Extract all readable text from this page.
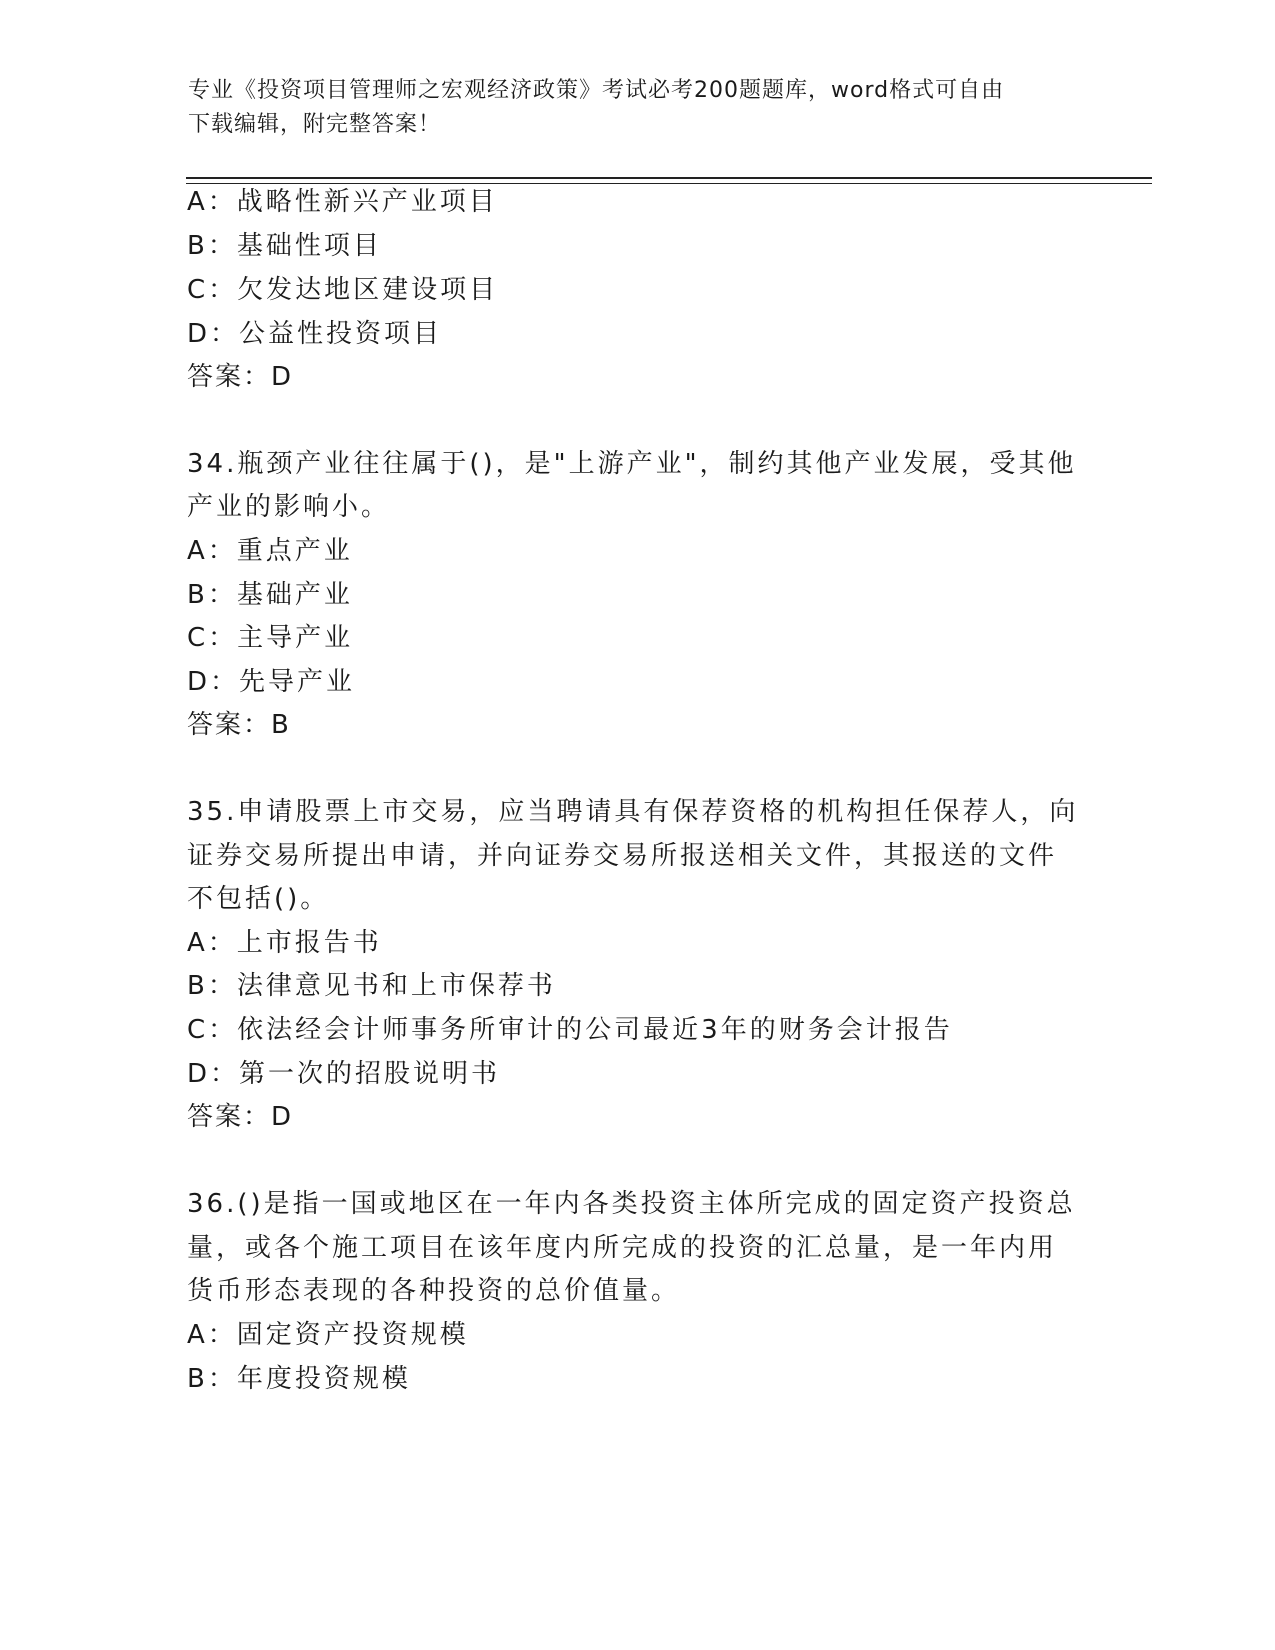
专业《投资项目管理师之宏观经济政策》考试必考200题题库，word格式可自由
下载编辑，附完整答案！
A：战略性新兴产业项目
B：基础性项目
C：欠发达地区建设项目
D：公益性投资项目
答案：D
34.瓶颈产业往往属于()，是"上游产业"，制约其他产业发展，受其他
产业的影响小。
A：重点产业
B：基础产业
C：主导产业
D：先导产业
答案：B
35.申请股票上市交易，应当聘请具有保荐资格的机构担任保荐人，向
证券交易所提出申请，并向证券交易所报送相关文件，其报送的文件
不包括()。
A：上市报告书
B：法律意见书和上市保荐书
C：依法经会计师事务所审计的公司最近3年的财务会计报告
D：第一次的招股说明书
答案：D
36.()是指一国或地区在一年内各类投资主体所完成的固定资产投资总
量，或各个施工项目在该年度内所完成的投资的汇总量，是一年内用
货币形态表现的各种投资的总价值量。
A：固定资产投资规模
B：年度投资规模
